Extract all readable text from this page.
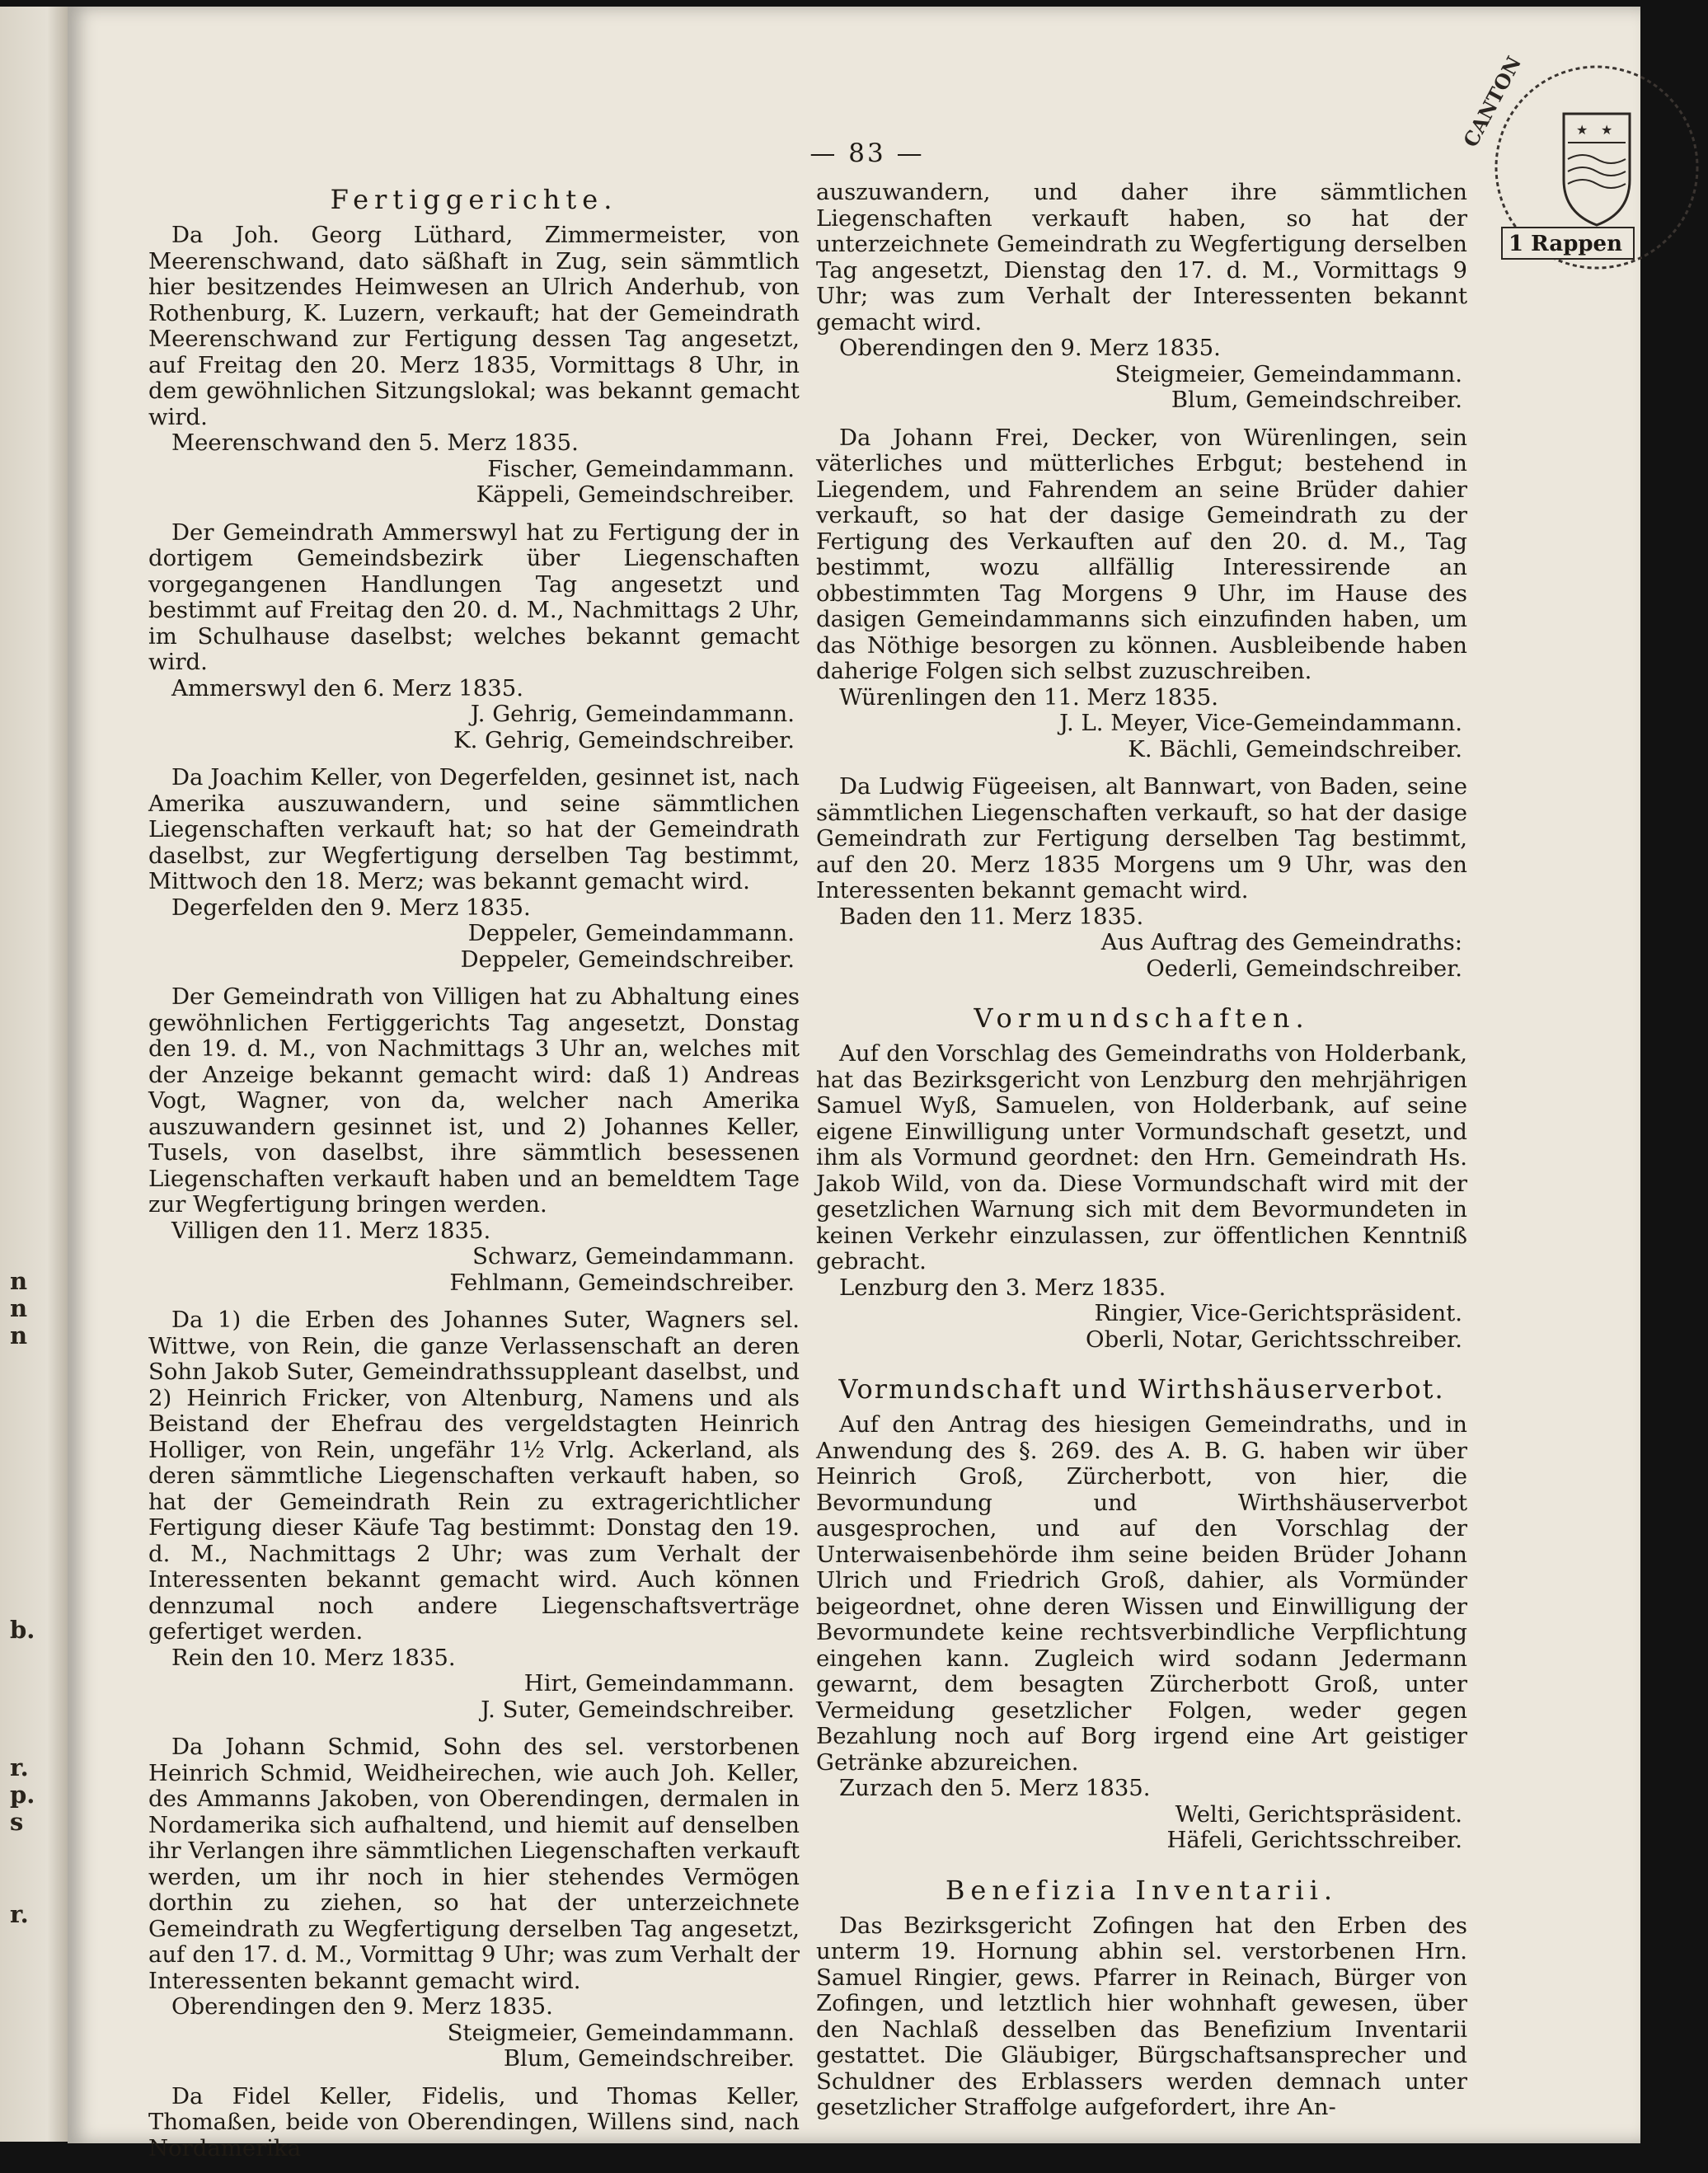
n
n
n
b.
r.
p.
s
r.
— 83 —
★ ★
CANTON
1 Rappen
Fertiggerichte.

Da Joh. Georg Lüthard, Zimmermeister, von Meerenschwand, dato säßhaft in Zug, sein sämmtlich hier besitzendes Heimwesen an Ulrich Anderhub, von Rothenburg, K. Luzern, verkauft; hat der Gemeindrath Meerenschwand zur Fertigung dessen Tag angesetzt, auf Freitag den 20. Merz 1835, Vormittags 8 Uhr, in dem gewöhnlichen Sitzungslokal; was bekannt gemacht wird.

Meerenschwand den 5. Merz 1835.

Fischer, Gemeindammann.

Käppeli, Gemeindschreiber.

Der Gemeindrath Ammerswyl hat zu Fertigung der in dortigem Gemeindsbezirk über Liegenschaften vorgegangenen Handlungen Tag angesetzt und bestimmt auf Freitag den 20. d. M., Nachmittags 2 Uhr, im Schulhause daselbst; welches bekannt gemacht wird.

Ammerswyl den 6. Merz 1835.

J. Gehrig, Gemeindammann.

K. Gehrig, Gemeindschreiber.

Da Joachim Keller, von Degerfelden, gesinnet ist, nach Amerika auszuwandern, und seine sämmtlichen Liegenschaften verkauft hat; so hat der Gemeindrath daselbst, zur Wegfertigung derselben Tag bestimmt, Mittwoch den 18. Merz; was bekannt gemacht wird.

Degerfelden den 9. Merz 1835.

Deppeler, Gemeindammann.

Deppeler, Gemeindschreiber.

Der Gemeindrath von Villigen hat zu Abhaltung eines gewöhnlichen Fertiggerichts Tag angesetzt, Donstag den 19. d. M., von Nachmittags 3 Uhr an, welches mit der Anzeige bekannt gemacht wird: daß 1) Andreas Vogt, Wagner, von da, welcher nach Amerika auszuwandern gesinnet ist, und 2) Johannes Keller, Tusels, von daselbst, ihre sämmtlich besessenen Liegenschaften verkauft haben und an bemeldtem Tage zur Wegfertigung bringen werden.

Villigen den 11. Merz 1835.

Schwarz, Gemeindammann.

Fehlmann, Gemeindschreiber.

Da 1) die Erben des Johannes Suter, Wagners sel. Wittwe, von Rein, die ganze Verlassenschaft an deren Sohn Jakob Suter, Gemeindrathssuppleant daselbst, und 2) Heinrich Fricker, von Altenburg, Namens und als Beistand der Ehefrau des vergeldstagten Heinrich Holliger, von Rein, ungefähr 1½ Vrlg. Ackerland, als deren sämmtliche Liegenschaften verkauft haben, so hat der Gemeindrath Rein zu extragerichtlicher Fertigung dieser Käufe Tag bestimmt: Donstag den 19. d. M., Nachmittags 2 Uhr; was zum Verhalt der Interessenten bekannt gemacht wird. Auch können dennzumal noch andere Liegenschaftsverträge gefertiget werden.

Rein den 10. Merz 1835.

Hirt, Gemeindammann.

J. Suter, Gemeindschreiber.

Da Johann Schmid, Sohn des sel. verstorbenen Heinrich Schmid, Weidheirechen, wie auch Joh. Keller, des Ammanns Jakoben, von Oberendingen, dermalen in Nordamerika sich aufhaltend, und hiemit auf denselben ihr Verlangen ihre sämmtlichen Liegenschaften verkauft werden, um ihr noch in hier stehendes Vermögen dorthin zu ziehen, so hat der unterzeichnete Gemeindrath zu Wegfertigung derselben Tag angesetzt, auf den 17. d. M., Vormittag 9 Uhr; was zum Verhalt der Interessenten bekannt gemacht wird.

Oberendingen den 9. Merz 1835.

Steigmeier, Gemeindammann.

Blum, Gemeindschreiber.

Da Fidel Keller, Fidelis, und Thomas Keller, Thomaßen, beide von Oberendingen, Willens sind, nach Nordamerika

auszuwandern, und daher ihre sämmtlichen Liegenschaften verkauft haben, so hat der unterzeichnete Gemeindrath zu Wegfertigung derselben Tag angesetzt, Dienstag den 17. d. M., Vormittags 9 Uhr; was zum Verhalt der Interessenten bekannt gemacht wird.

Oberendingen den 9. Merz 1835.

Steigmeier, Gemeindammann.

Blum, Gemeindschreiber.

Da Johann Frei, Decker, von Würenlingen, sein väterliches und mütterliches Erbgut; bestehend in Liegendem, und Fahrendem an seine Brüder dahier verkauft, so hat der dasige Gemeindrath zu der Fertigung des Verkauften auf den 20. d. M., Tag bestimmt, wozu allfällig Interessirende an obbestimmten Tag Morgens 9 Uhr, im Hause des dasigen Gemeindammanns sich einzufinden haben, um das Nöthige besorgen zu können. Ausbleibende haben daherige Folgen sich selbst zuzuschreiben.

Würenlingen den 11. Merz 1835.

J. L. Meyer, Vice-Gemeindammann.

K. Bächli, Gemeindschreiber.

Da Ludwig Fügeeisen, alt Bannwart, von Baden, seine sämmtlichen Liegenschaften verkauft, so hat der dasige Gemeindrath zur Fertigung derselben Tag bestimmt, auf den 20. Merz 1835 Morgens um 9 Uhr, was den Interessenten bekannt gemacht wird.

Baden den 11. Merz 1835.

Aus Auftrag des Gemeindraths:

Oederli, Gemeindschreiber.

Vormundschaften.

Auf den Vorschlag des Gemeindraths von Holderbank, hat das Bezirksgericht von Lenzburg den mehrjährigen Samuel Wyß, Samuelen, von Holderbank, auf seine eigene Einwilligung unter Vormundschaft gesetzt, und ihm als Vormund geordnet: den Hrn. Gemeindrath Hs. Jakob Wild, von da. Diese Vormundschaft wird mit der gesetzlichen Warnung sich mit dem Bevormundeten in keinen Verkehr einzulassen, zur öffentlichen Kenntniß gebracht.

Lenzburg den 3. Merz 1835.

Ringier, Vice-Gerichtspräsident.

Oberli, Notar, Gerichtsschreiber.

Vormundschaft und Wirthshäuserverbot.

Auf den Antrag des hiesigen Gemeindraths, und in Anwendung des §. 269. des A. B. G. haben wir über Heinrich Groß, Zürcherbott, von hier, die Bevormundung und Wirthshäuserverbot ausgesprochen, und auf den Vorschlag der Unterwaisenbehörde ihm seine beiden Brüder Johann Ulrich und Friedrich Groß, dahier, als Vormünder beigeordnet, ohne deren Wissen und Einwilligung der Bevormundete keine rechtsverbindliche Verpflichtung eingehen kann. Zugleich wird sodann Jedermann gewarnt, dem besagten Zürcherbott Groß, unter Vermeidung gesetzlicher Folgen, weder gegen Bezahlung noch auf Borg irgend eine Art geistiger Getränke abzureichen.

Zurzach den 5. Merz 1835.

Welti, Gerichtspräsident.

Häfeli, Gerichtsschreiber.

Benefizia Inventarii.

Das Bezirksgericht Zofingen hat den Erben des unterm 19. Hornung abhin sel. verstorbenen Hrn. Samuel Ringier, gews. Pfarrer in Reinach, Bürger von Zofingen, und letztlich hier wohnhaft gewesen, über den Nachlaß desselben das Benefizium Inventarii gestattet. Die Gläubiger, Bürgschaftsansprecher und Schuldner des Erblassers werden demnach unter gesetzlicher Straffolge aufgefordert, ihre An-
